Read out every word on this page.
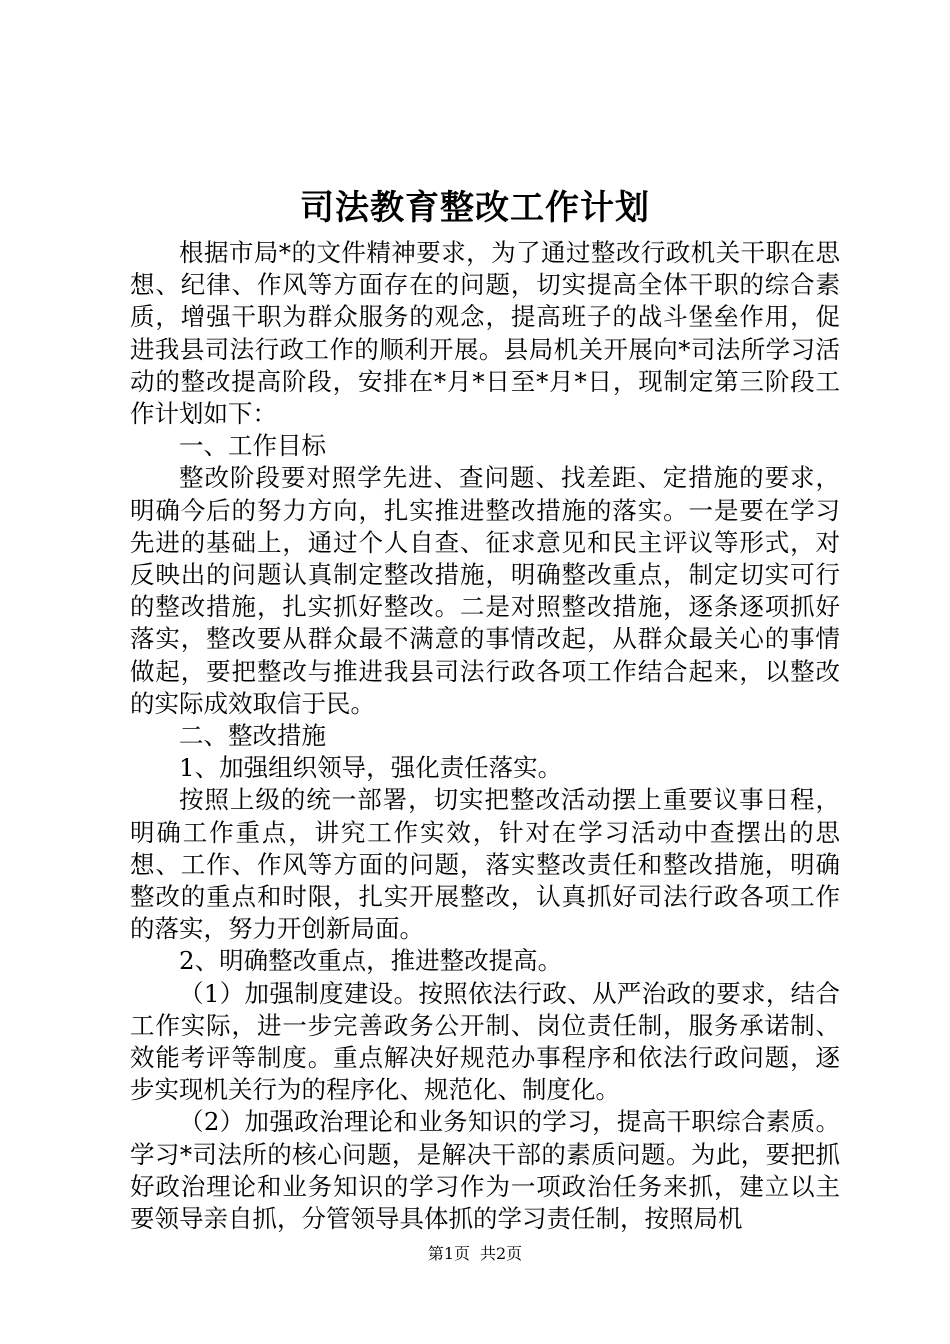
司法教育整改工作计划

根据市局*的文件精神要求，为了通过整改行政机关干职在思想、纪律、作风等方面存在的问题，切实提高全体干职的综合素质，增强干职为群众服务的观念，提高班子的战斗堡垒作用，促进我县司法行政工作的顺利开展。县局机关开展向*司法所学习活动的整改提高阶段，安排在*月*日至*月*日，现制定第三阶段工作计划如下：

一、工作目标

整改阶段要对照学先进、查问题、找差距、定措施的要求，明确今后的努力方向，扎实推进整改措施的落实。一是要在学习先进的基础上，通过个人自查、征求意见和民主评议等形式，对反映出的问题认真制定整改措施，明确整改重点，制定切实可行的整改措施，扎实抓好整改。二是对照整改措施，逐条逐项抓好落实，整改要从群众最不满意的事情改起，从群众最关心的事情做起，要把整改与推进我县司法行政各项工作结合起来，以整改的实际成效取信于民。

二、整改措施

1、加强组织领导，强化责任落实。

按照上级的统一部署，切实把整改活动摆上重要议事日程，明确工作重点，讲究工作实效，针对在学习活动中查摆出的思想、工作、作风等方面的问题，落实整改责任和整改措施，明确整改的重点和时限，扎实开展整改，认真抓好司法行政各项工作的落实，努力开创新局面。

2、明确整改重点，推进整改提高。

（1）加强制度建设。按照依法行政、从严治政的要求，结合工作实际，进一步完善政务公开制、岗位责任制，服务承诺制、效能考评等制度。重点解决好规范办事程序和依法行政问题，逐步实现机关行为的程序化、规范化、制度化。

（2）加强政治理论和业务知识的学习，提高干职综合素质。学习*司法所的核心问题，是解决干部的素质问题。为此，要把抓好政治理论和业务知识的学习作为一项政治任务来抓，建立以主要领导亲自抓，分管领导具体抓的学习责任制，按照局机

第1页 共2页
